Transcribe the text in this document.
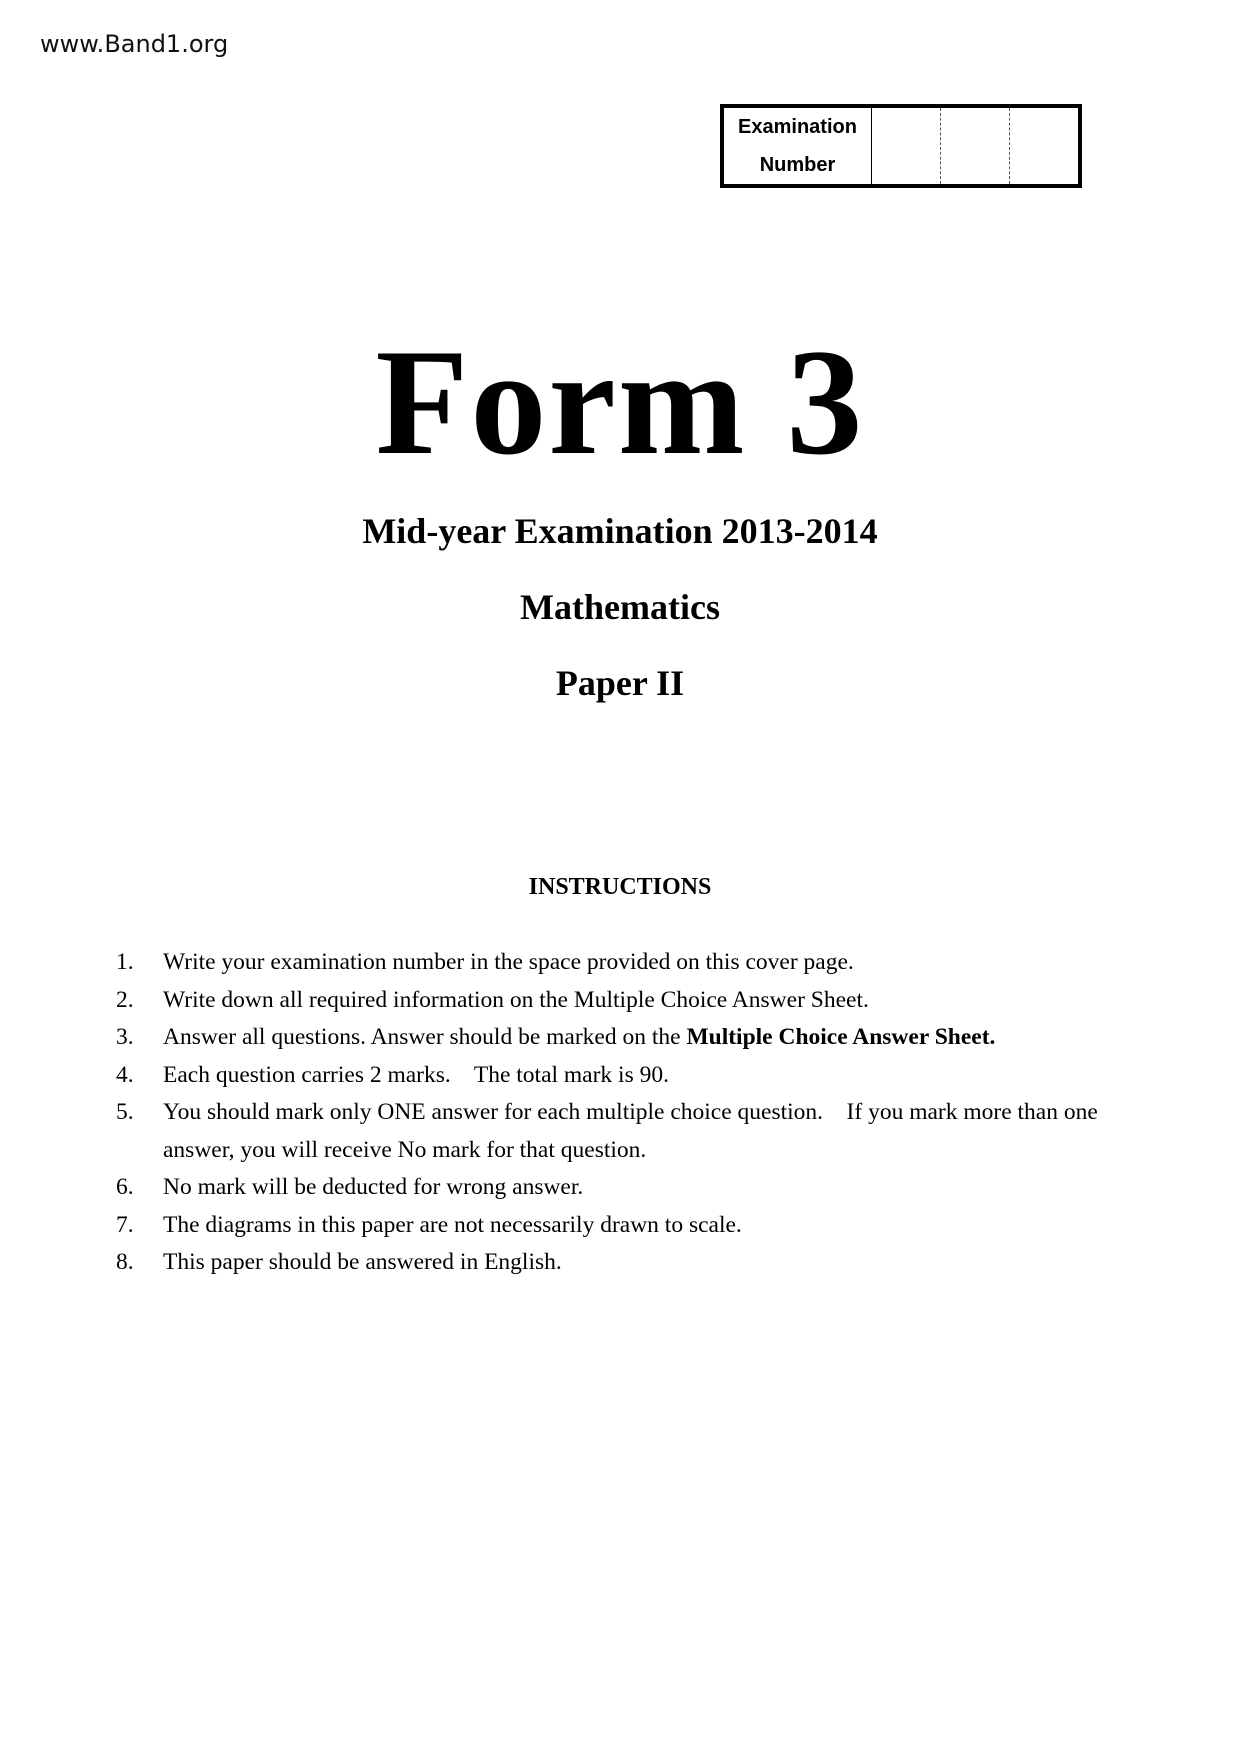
www.Band1.org
Examination
Number
Form 3
Mid-year Examination 2013-2014
Mathematics
Paper II
INSTRUCTIONS
1.	Write your examination number in the space provided on this cover page.
2.	Write down all required information on the Multiple Choice Answer Sheet.
3.	Answer all questions. Answer should be marked on the Multiple Choice Answer Sheet.
4.	Each question carries 2 marks.    The total mark is 90.
5.	You should mark only ONE answer for each multiple choice question.    If you mark more than one answer, you will receive No mark for that question.
6.	No mark will be deducted for wrong answer.
7.	The diagrams in this paper are not necessarily drawn to scale.
8.	This paper should be answered in English.
